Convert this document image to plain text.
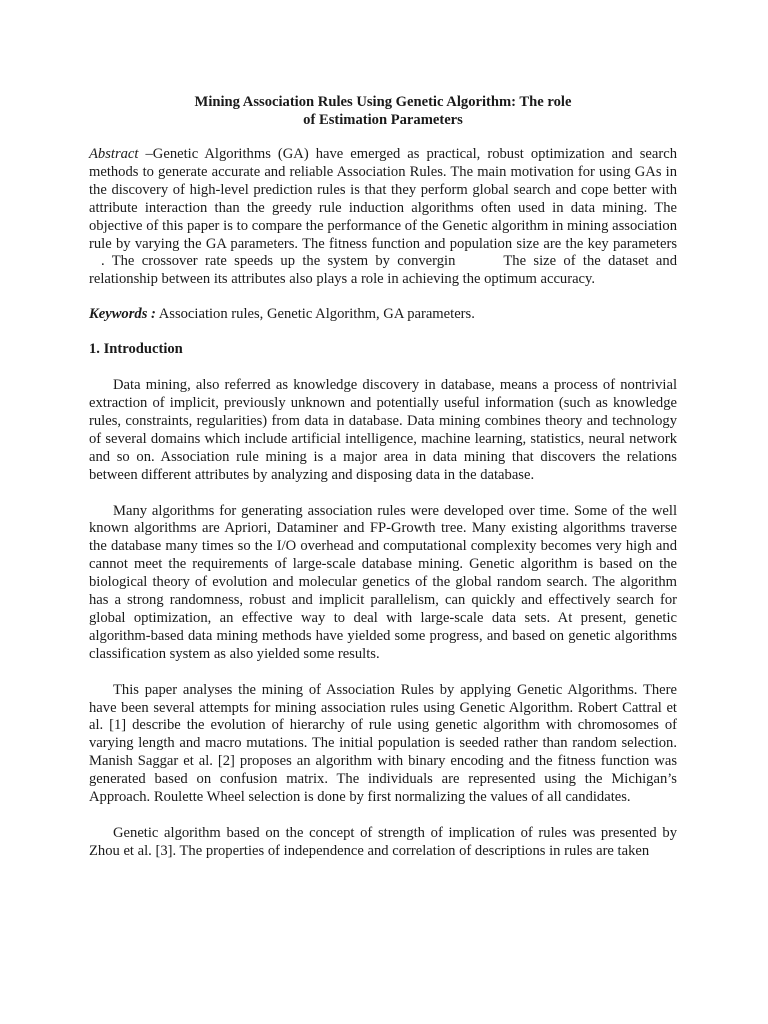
Mining Association Rules Using Genetic Algorithm: The role
of Estimation Parameters

Abstract –Genetic Algorithms (GA) have emerged as practical, robust optimization and search methods to generate accurate and reliable Association Rules. The main motivation for using GAs in the discovery of high-level prediction rules is that they perform global search and cope better with attribute interaction than the greedy rule induction algorithms often used in data mining. The objective of this paper is to compare the performance of the Genetic algorithm in mining association rule by varying the GA parameters. The fitness function and population size are the key parameters. The crossover rate speeds up the system by convergin	The size of the dataset and relationship between its attributes also plays a role in achieving the optimum accuracy.

Keywords : Association rules, Genetic Algorithm, GA parameters.

1. Introduction

Data mining, also referred as knowledge discovery in database, means a process of nontrivial extraction of implicit, previously unknown and potentially useful information (such as knowledge rules, constraints, regularities) from data in database. Data mining combines theory and technology of several domains which include artificial intelligence, machine learning, statistics, neural network and so on. Association rule mining is a major area in data mining that discovers the relations between different attributes by analyzing and disposing data in the database.

Many algorithms for generating association rules were developed over time. Some of the well known algorithms are Apriori, Dataminer and FP-Growth tree. Many existing algorithms traverse the database many times so the I/O overhead and computational complexity becomes very high and cannot meet the requirements of large-scale database mining. Genetic algorithm is based on the biological theory of evolution and molecular genetics of the global random search. The algorithm has a strong randomness, robust and implicit parallelism, can quickly and effectively search for global optimization, an effective way to deal with large-scale data sets. At present, genetic algorithm-based data mining methods have yielded some progress, and based on genetic algorithms classification system as also yielded some results.

This paper analyses the mining of Association Rules by applying Genetic Algorithms. There have been several attempts for mining association rules using Genetic Algorithm. Robert Cattral et al. [1] describe the evolution of hierarchy of rule using genetic algorithm with chromosomes of varying length and macro mutations. The initial population is seeded rather than random selection. Manish Saggar et al. [2] proposes an algorithm with binary encoding and the fitness function was generated based on confusion matrix. The individuals are represented using the Michigan’s Approach. Roulette Wheel selection is done by first normalizing the values of all candidates.

Genetic algorithm based on the concept of strength of implication of rules was presented by Zhou et al. [3]. The properties of independence and correlation of descriptions in rules are taken
